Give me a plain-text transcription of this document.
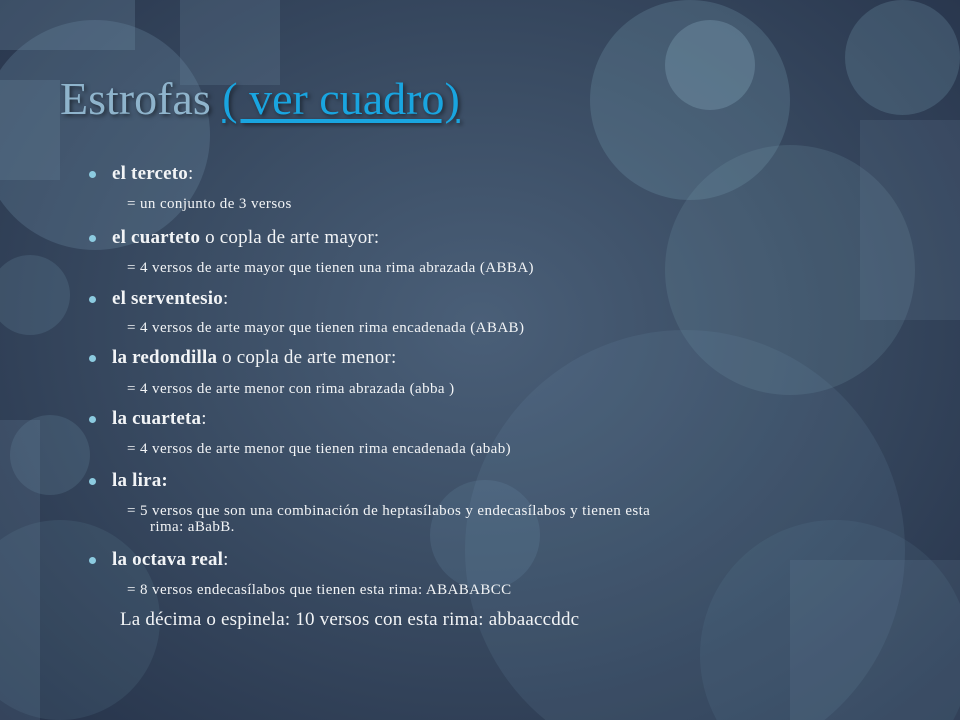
Estrofas ( ver cuadro)
el terceto:
= un conjunto de 3 versos
el cuarteto o copla de arte mayor:
= 4 versos de arte mayor que tienen una rima abrazada (ABBA)
el serventesio:
= 4 versos de arte mayor que tienen rima encadenada (ABAB)
la redondilla o copla de arte menor:
= 4 versos de arte menor con rima abrazada (abba )
la cuarteta:
= 4 versos de arte menor que tienen rima encadenada (abab)
la lira:
= 5 versos que son una combinación de heptasílabos y endecasílabos y tienen esta
rima: aBabB.
la octava real:
= 8 versos endecasílabos que tienen esta rima: ABABABCC
La décima o espinela: 10 versos con esta rima: abbaaccddc
